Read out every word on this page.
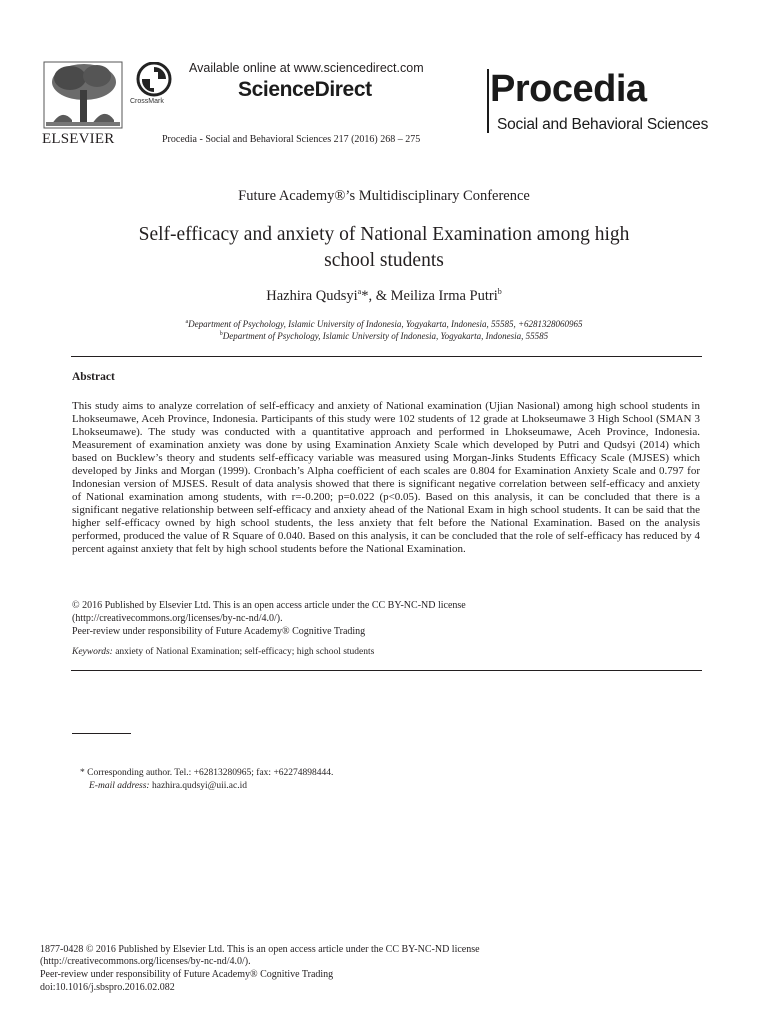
ELSEVIER
CrossMark
Available online at www.sciencedirect.com
ScienceDirect
Procedia - Social and Behavioral Sciences 217 (2016) 268 – 275
Procedia
Social and Behavioral Sciences
Future Academy®’s Multidisciplinary Conference
Self-efficacy and anxiety of National Examination among high
school students
Hazhira Qudsyi$^a$*, & Meiliza Irma Putri$^b$
$^a$Department of Psychology, Islamic University of Indonesia, Yogyakarta, Indonesia, 55585, +6281328060965
$^b$Department of Psychology, Islamic University of Indonesia, Yogyakarta, Indonesia, 55585
Abstract
This study aims to analyze correlation of self-efficacy and anxiety of National examination (Ujian Nasional) among high school students in Lhokseumawe, Aceh Province, Indonesia. Participants of this study were 102 students of 12 grade at Lhokseumawe 3 High School (SMAN 3 Lhokseumawe). The study was conducted with a quantitative approach and performed in Lhokseumawe, Aceh Province, Indonesia. Measurement of examination anxiety was done by using Examination Anxiety Scale which developed by Putri and Qudsyi (2014) which based on Bucklew’s theory and students self-efficacy variable was measured using Morgan-Jinks Students Efficacy Scale (MJSES) which developed by Jinks and Morgan (1999). Cronbach’s Alpha coefficient of each scales are 0.804 for Examination Anxiety Scale and 0.797 for Indonesian version of MJSES. Result of data analysis showed that there is significant negative correlation between self-efficacy and anxiety of National examination among students, with r=-0.200; p=0.022 (p<0.05). Based on this analysis, it can be concluded that there is a significant negative relationship between self-efficacy and anxiety ahead of the National Exam in high school students. It can be said that the higher self-efficacy owned by high school students, the less anxiety that felt before the National Examination. Based on the analysis performed, produced the value of R Square of 0.040. Based on this analysis, it can be concluded that the role of self-efficacy has reduced by 4 percent against anxiety that felt by high school students before the National Examination.
© 2016 Published by Elsevier Ltd. This is an open access article under the CC BY-NC-ND license
(http://creativecommons.org/licenses/by-nc-nd/4.0/).
Peer-review under responsibility of Future Academy® Cognitive Trading
Keywords: anxiety of National Examination; self-efficacy; high school students
* Corresponding author. Tel.: +62813280965; fax: +62274898444.
E-mail address: hazhira.qudsyi@uii.ac.id
1877-0428 © 2016 Published by Elsevier Ltd. This is an open access article under the CC BY-NC-ND license
(http://creativecommons.org/licenses/by-nc-nd/4.0/).
Peer-review under responsibility of Future Academy® Cognitive Trading
doi:10.1016/j.sbspro.2016.02.082
